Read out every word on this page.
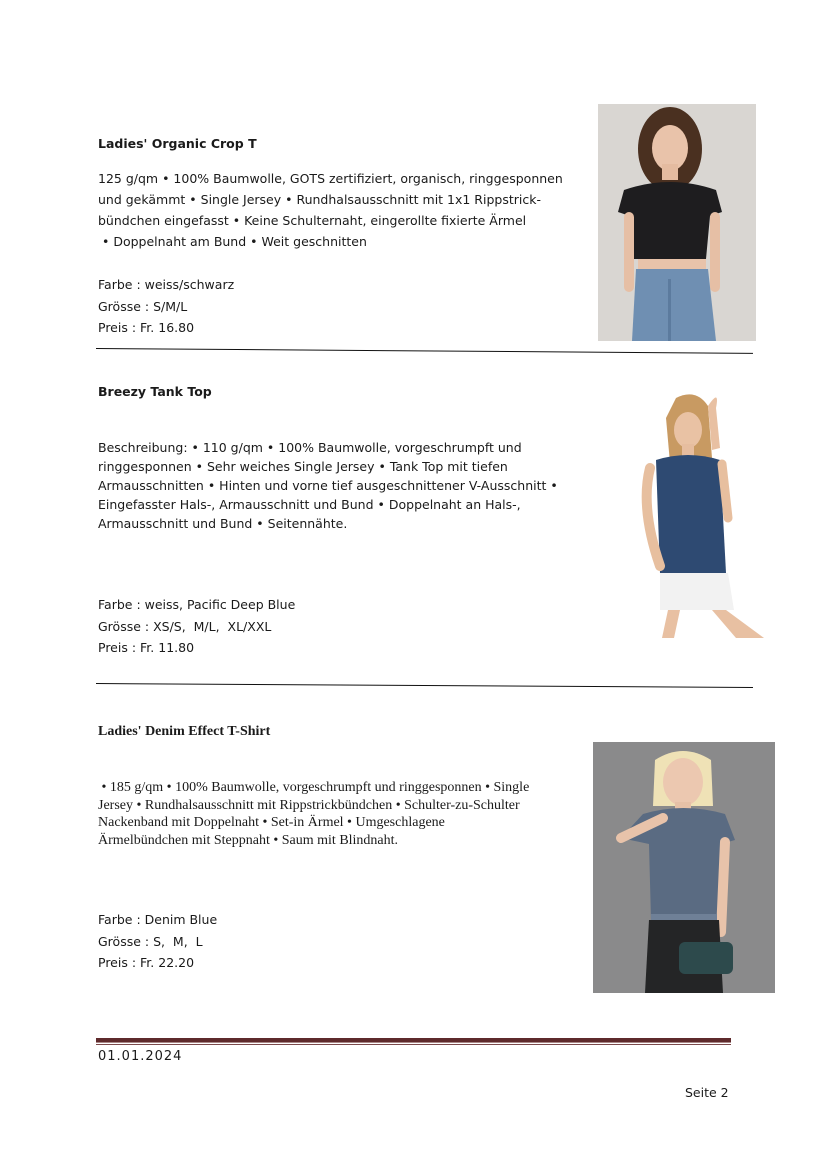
Ladies' Organic Crop T
125 g/qm • 100% Baumwolle, GOTS zertifiziert, organisch, ringgesponnen
und gekämmt • Single Jersey • Rundhalsausschnitt mit 1x1 Rippstrick-
bündchen eingefasst • Keine Schulternaht, eingerollte fixierte Ärmel
• Doppelnaht am Bund • Weit geschnitten
Farbe : weiss/schwarz
Grösse : S/M/L
Preis : Fr. 16.80
Breezy Tank Top
Beschreibung: • 110 g/qm • 100% Baumwolle, vorgeschrumpft und
ringgesponnen • Sehr weiches Single Jersey • Tank Top mit tiefen
Armausschnitten • Hinten und vorne tief ausgeschnittener V-Ausschnitt •
Eingefasster Hals-, Armausschnitt und Bund • Doppelnaht an Hals-,
Armausschnitt und Bund • Seitennähte.
Farbe : weiss, Pacific Deep Blue
Grösse : XS/S,  M/L,  XL/XXL
Preis : Fr. 11.80
Ladies' Denim Effect T-Shirt
• 185 g/qm • 100% Baumwolle, vorgeschrumpft und ringgesponnen • Single
Jersey • Rundhalsausschnitt mit Rippstrickbündchen • Schulter-zu-Schulter
Nackenband mit Doppelnaht • Set-in Ärmel • Umgeschlagene
Ärmelbündchen mit Steppnaht • Saum mit Blindnaht.
Farbe : Denim Blue
Grösse : S,  M,  L
Preis : Fr. 22.20
01.01.2024
Seite 2
